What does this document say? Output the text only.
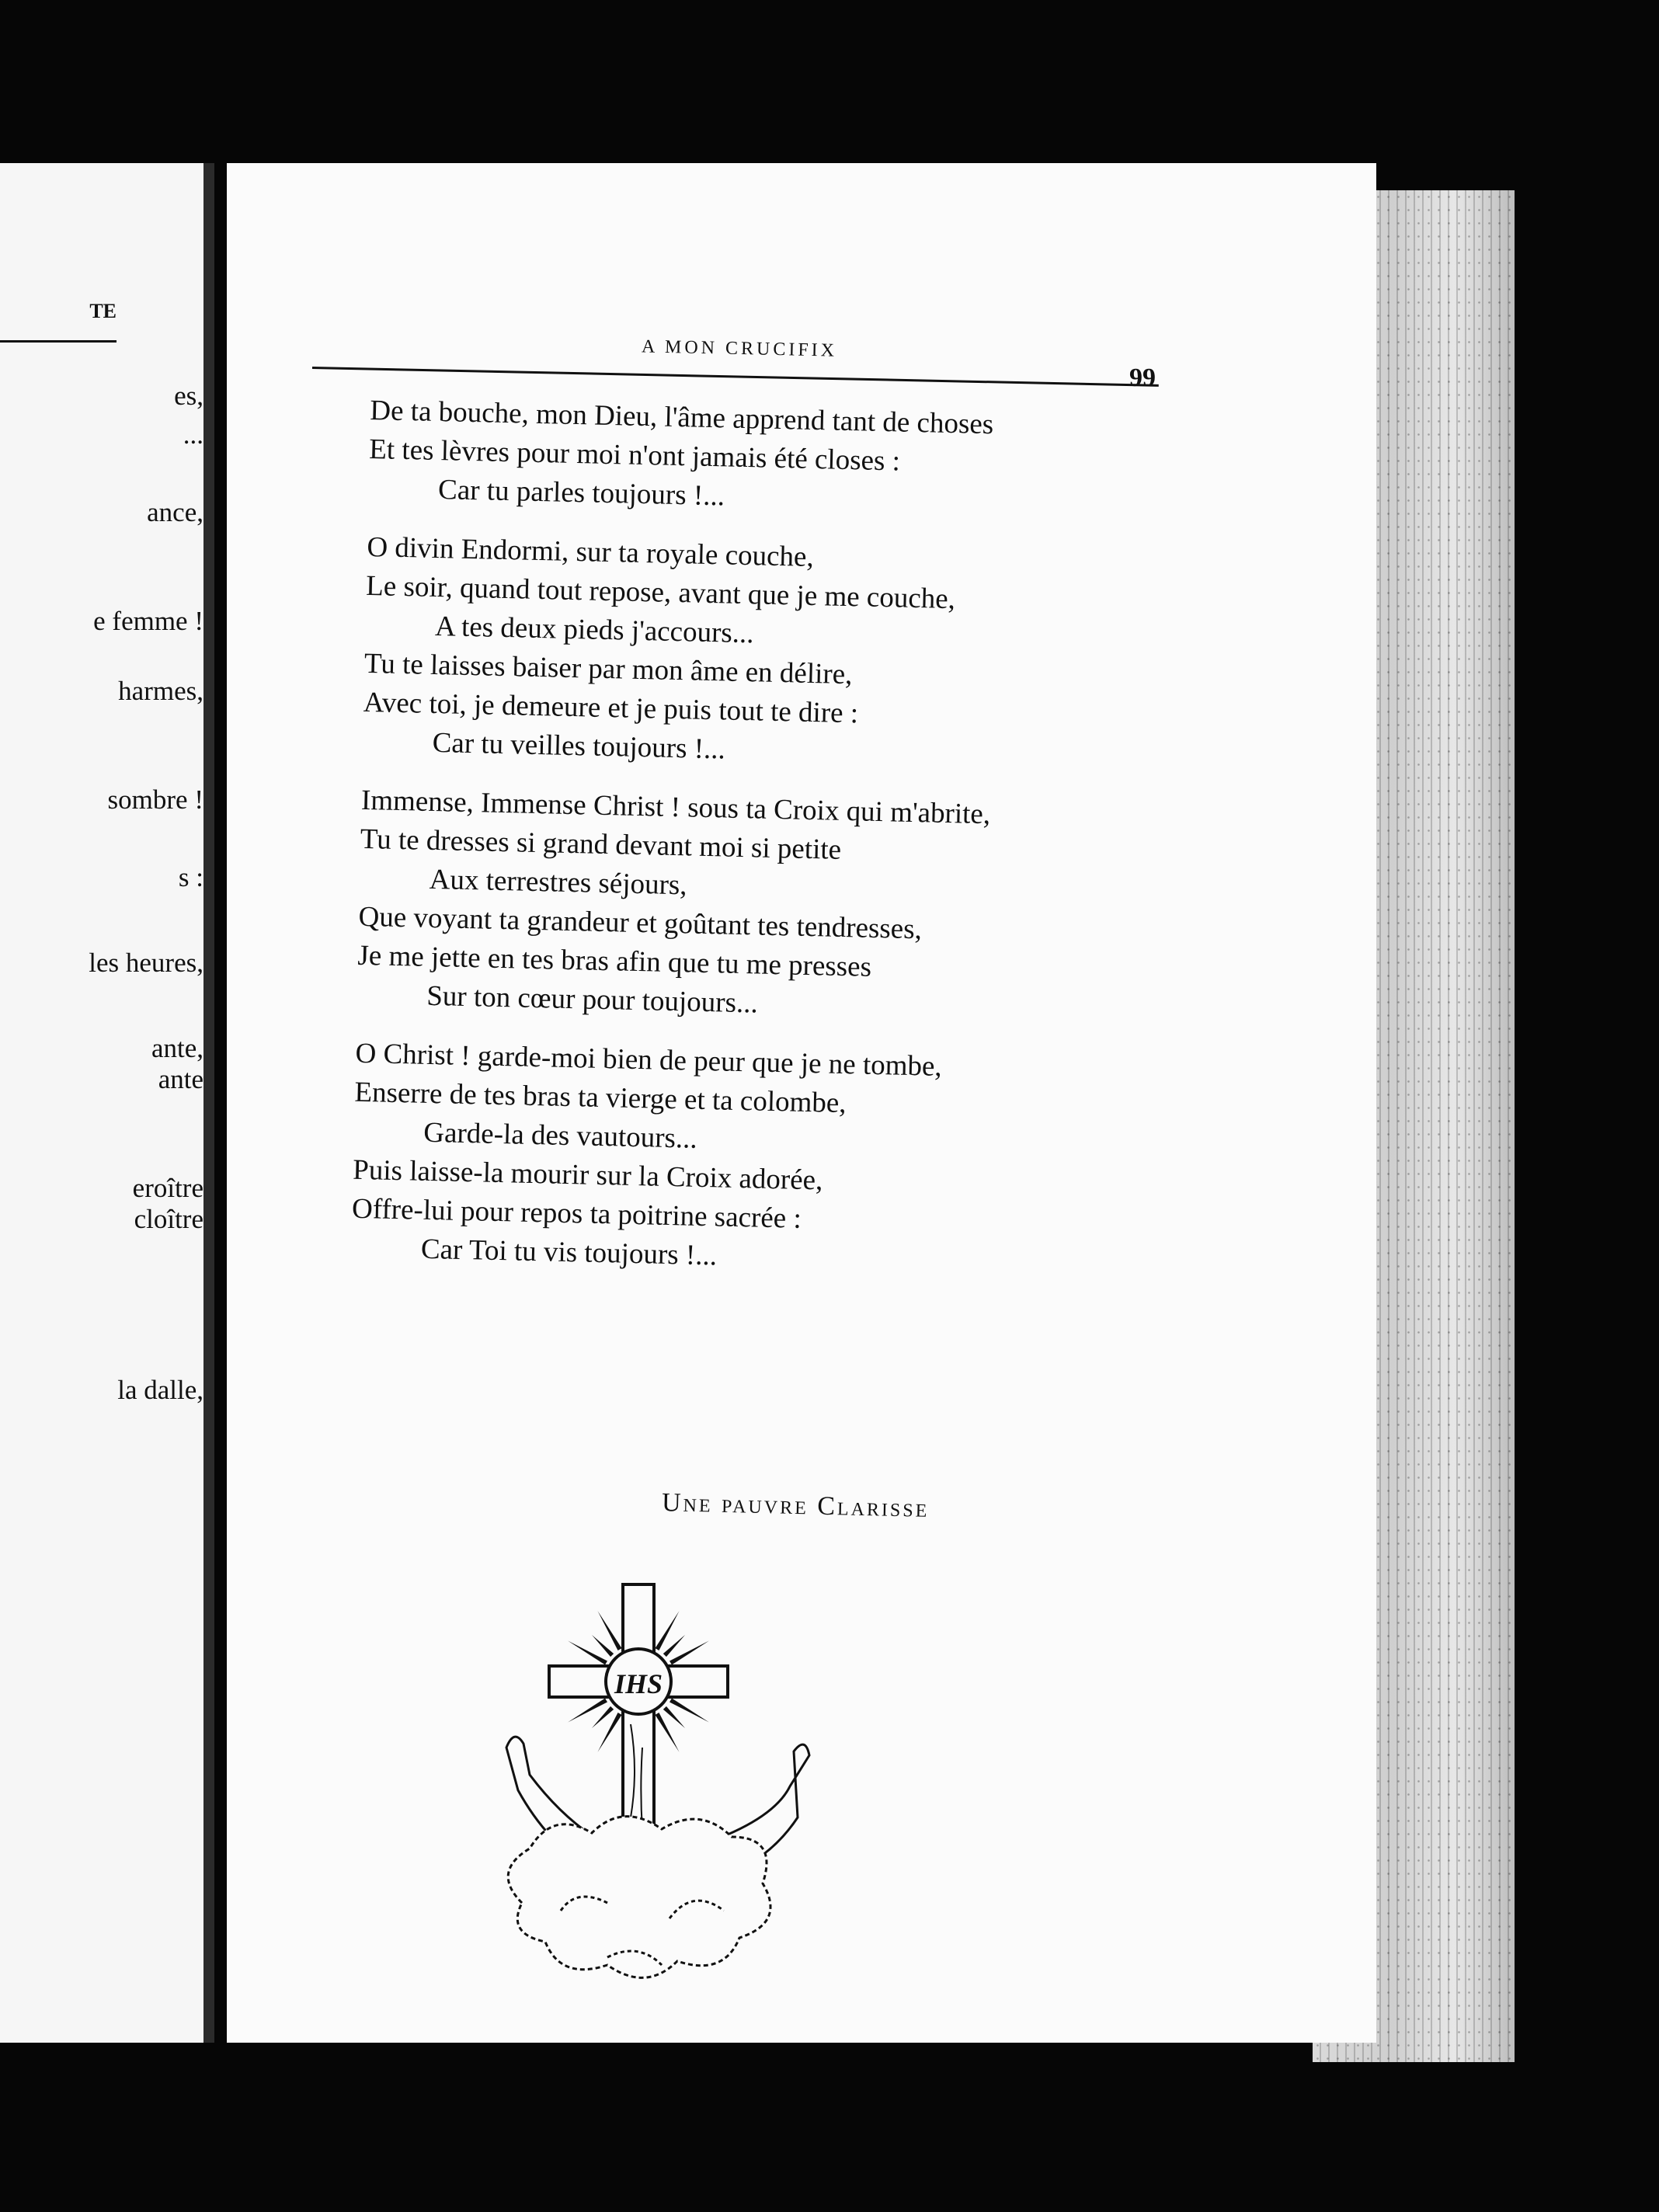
TE
es,
...
ance,
e femme !
harmes,
sombre !
s :
les heures,
ante,
ante
eroître
cloître
la dalle,
A MON CRUCIFIX
99
De ta bouche, mon Dieu, l'âme apprend tant de choses
Et tes lèvres pour moi n'ont jamais été closes :
Car tu parles toujours !...
O divin Endormi, sur ta royale couche,
Le soir, quand tout repose, avant que je me couche,
A tes deux pieds j'accours...
Tu te laisses baiser par mon âme en délire,
Avec toi, je demeure et je puis tout te dire :
Car tu veilles toujours !...
Immense, Immense Christ ! sous ta Croix qui m'abrite,
Tu te dresses si grand devant moi si petite
Aux terrestres séjours,
Que voyant ta grandeur et goûtant tes tendresses,
Je me jette en tes bras afin que tu me presses
Sur ton cœur pour toujours...
O Christ ! garde-moi bien de peur que je ne tombe,
Enserre de tes bras ta vierge et ta colombe,
Garde-la des vautours...
Puis laisse-la mourir sur la Croix adorée,
Offre-lui pour repos ta poitrine sacrée :
Car Toi tu vis toujours !...
Une pauvre Clarisse
IHS
